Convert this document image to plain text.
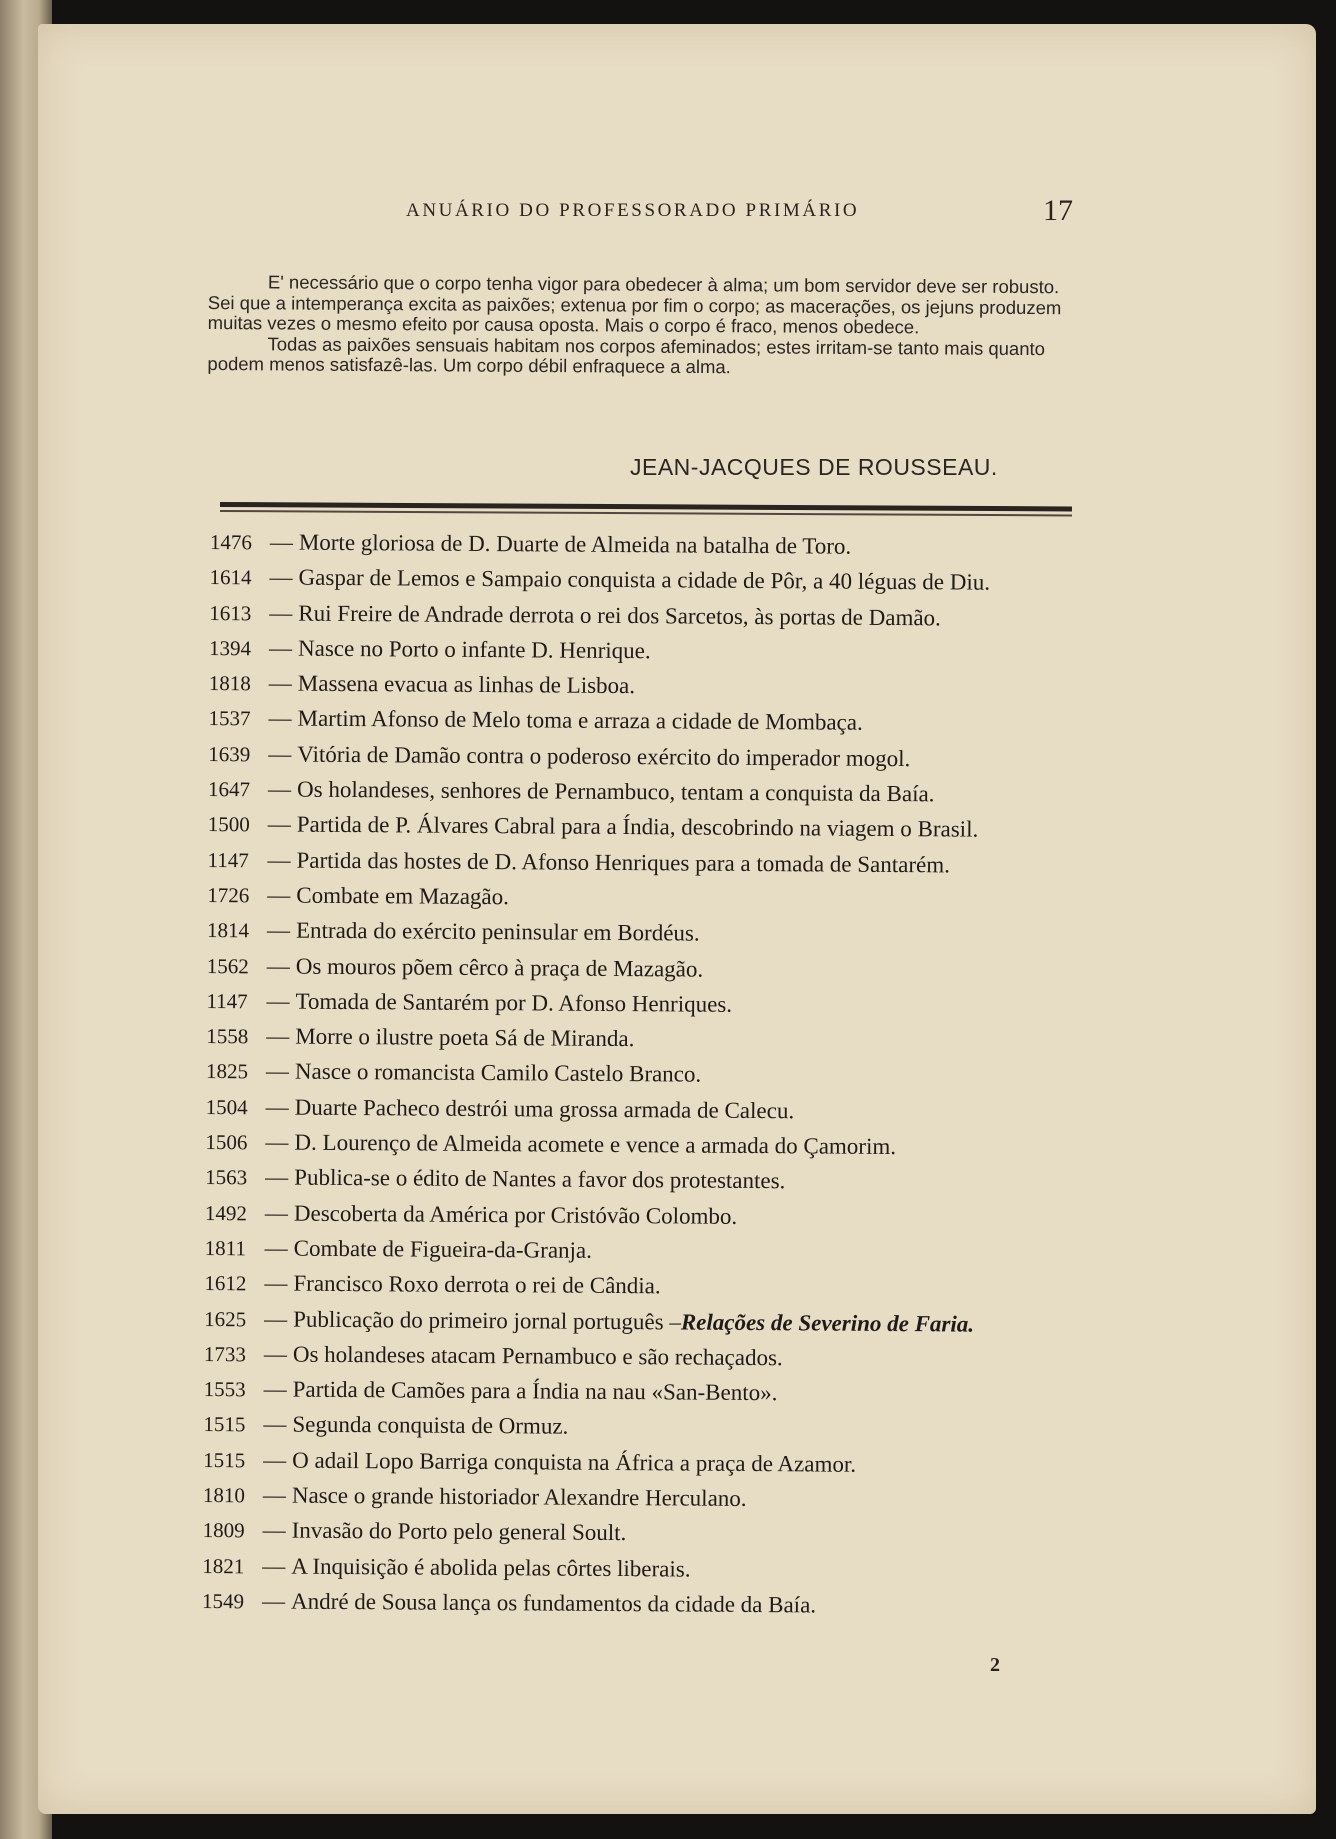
ANUÁRIO DO PROFESSORADO PRIMÁRIO	17

E' necessário que o corpo tenha vigor para obedecer à alma; um bom servidor deve ser robusto. Sei que a intemperança excita as paixões; extenua por fim o corpo; as macerações, os jejuns produzem muitas vezes o mesmo efeito por causa oposta. Mais o corpo é fraco, menos obedece.

Todas as paixões sensuais habitam nos corpos afeminados; estes irritam-se tanto mais quanto podem menos satisfazê-las. Um corpo débil enfraquece a alma.

JEAN-JACQUES DE ROUSSEAU.
1476 — Morte gloriosa de D. Duarte de Almeida na batalha de Toro.
1614 — Gaspar de Lemos e Sampaio conquista a cidade de Pôr, a 40 léguas de Diu.
1613 — Rui Freire de Andrade derrota o rei dos Sarcetos, às portas de Damão.
1394 — Nasce no Porto o infante D. Henrique.
1818 — Massena evacua as linhas de Lisboa.
1537 — Martim Afonso de Melo toma e arraza a cidade de Mombaça.
1639 — Vitória de Damão contra o poderoso exército do imperador mogol.
1647 — Os holandeses, senhores de Pernambuco, tentam a conquista da Baía.
1500 — Partida de P. Álvares Cabral para a Índia, descobrindo na viagem o Brasil.
1147 — Partida das hostes de D. Afonso Henriques para a tomada de Santarém.
1726 — Combate em Mazagão.
1814 — Entrada do exército peninsular em Bordéus.
1562 — Os mouros põem cêrco à praça de Mazagão.
1147 — Tomada de Santarém por D. Afonso Henriques.
1558 — Morre o ilustre poeta Sá de Miranda.
1825 — Nasce o romancista Camilo Castelo Branco.
1504 — Duarte Pacheco destrói uma grossa armada de Calecu.
1506 — D. Lourenço de Almeida acomete e vence a armada do Çamorim.
1563 — Publica-se o édito de Nantes a favor dos protestantes.
1492 — Descoberta da América por Cristóvão Colombo.
1811 — Combate de Figueira-da-Granja.
1612 — Francisco Roxo derrota o rei de Cândia.
1625 — Publicação do primeiro jornal português –Relações de Severino de Faria.
1733 — Os holandeses atacam Pernambuco e são rechaçados.
1553 — Partida de Camões para a Índia na nau «San-Bento».
1515 — Segunda conquista de Ormuz.
1515 — O adail Lopo Barriga conquista na África a praça de Azamor.
1810 — Nasce o grande historiador Alexandre Herculano.
1809 — Invasão do Porto pelo general Soult.
1821 — A Inquisição é abolida pelas côrtes liberais.
1549 — André de Sousa lança os fundamentos da cidade da Baía.
2
